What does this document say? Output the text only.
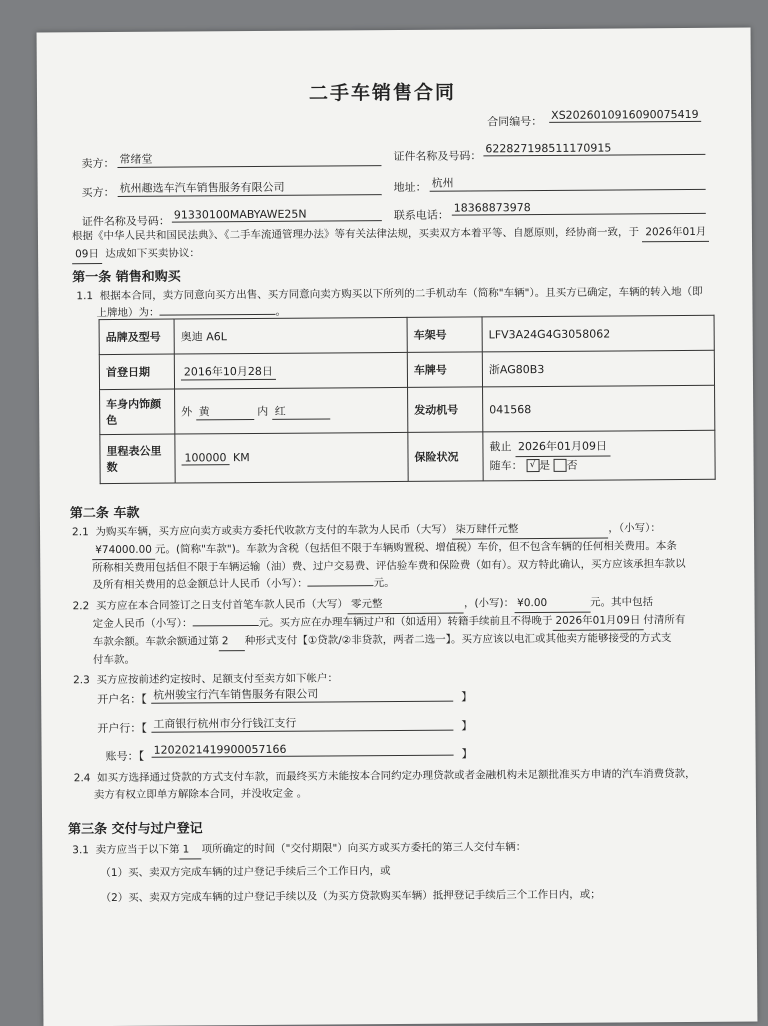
二手车销售合同
合同编号： XS20260109160900754​19
卖方： 常绪堂	证件名称及号码：
622827198511170915
买方： 杭州趣选车汽车销售服务有限公司	地址： 杭州
证件名称及号码： 91330100MABYAWE25N	联系电话：
18368873978
根据《中华人民共和国民法典》、《二手车流通管理办法》等有关法律法规，买卖双方本着平等、自愿原则，经协商一致，于 2026年01月
09日 达成如下买卖协议：
第一条 销售和购买
1.1 根据本合同，卖方同意向买方出售、买方同意向卖方购买以下所列的二手机动车（简称"车辆"）。且买方已确定，车辆的转入地（即
上牌地）为：	。
品牌及型号	奥迪 A6L	车架号	LFV3A24G4G3058062
首登日期	2016年10月28日	车牌号	浙AG80B3
车身内饰颜色	外 黄 内 红	发动机号	041568
里程表公里数	100000 KM	保险状况	截止 2026年01月09日
随车： √ 是 否
第二条 车款
2.1 为购买车辆，买方应向卖方或卖方委托代收款方支付的车款为人民币（大写） 柒万肆仟元整	，（小写）：
¥74000.00 元。(简称"车款")。车款为含税（包括但不限于车辆购置税、增值税）车价，但不包含车辆的任何相关费用。本条
所称相关费用包括但不限于车辆运输（油）费、过户交易费、评估验车费和保险费（如有）。双方特此确认，买方应该承担车款以
及所有相关费用的总金额总计人民币（小写）：	元。
2.2 买方应在本合同签订之日支付首笔车款人民币（大写） 零元整	，(小写)： ¥0.00	元。其中包括
定金人民币（小写）：	元。买方应在办理车辆过户和（如适用）转籍手续前且不得晚于 2026年01月09日 付清所有
车款余额。车款余额通过第 2 种形式支付【①贷款/②非贷款，两者二选一】。买方应该以电汇或其他卖方能够接受的方式支
付车款。
2.3 买方应按前述约定按时、足额支付至卖方如下帐户：
开户名：【 杭州骏宝行汽车销售服务有限公司	】
开户行：【 工商银行杭州市分行钱江支行	】
账号：【 1202021419900057166	】
2.4 如买方选择通过贷款的方式支付车款，而最终买方未能按本合同约定办理贷款或者金融机构未足额批准买方申请的汽车消费贷款，
卖方有权立即单方解除本合同，并没收定金 。
第三条 交付与过户登记
3.1 卖方应当于以下第 1 项所确定的时间（"交付期限"）向买方或买方委托的第三人交付车辆：
（1）买、卖双方完成车辆的过户登记手续后三个工作日内，或
（2）买、卖双方完成车辆的过户登记手续以及（为买方贷款购买车辆）抵押登记手续后三个工作日内，或；
